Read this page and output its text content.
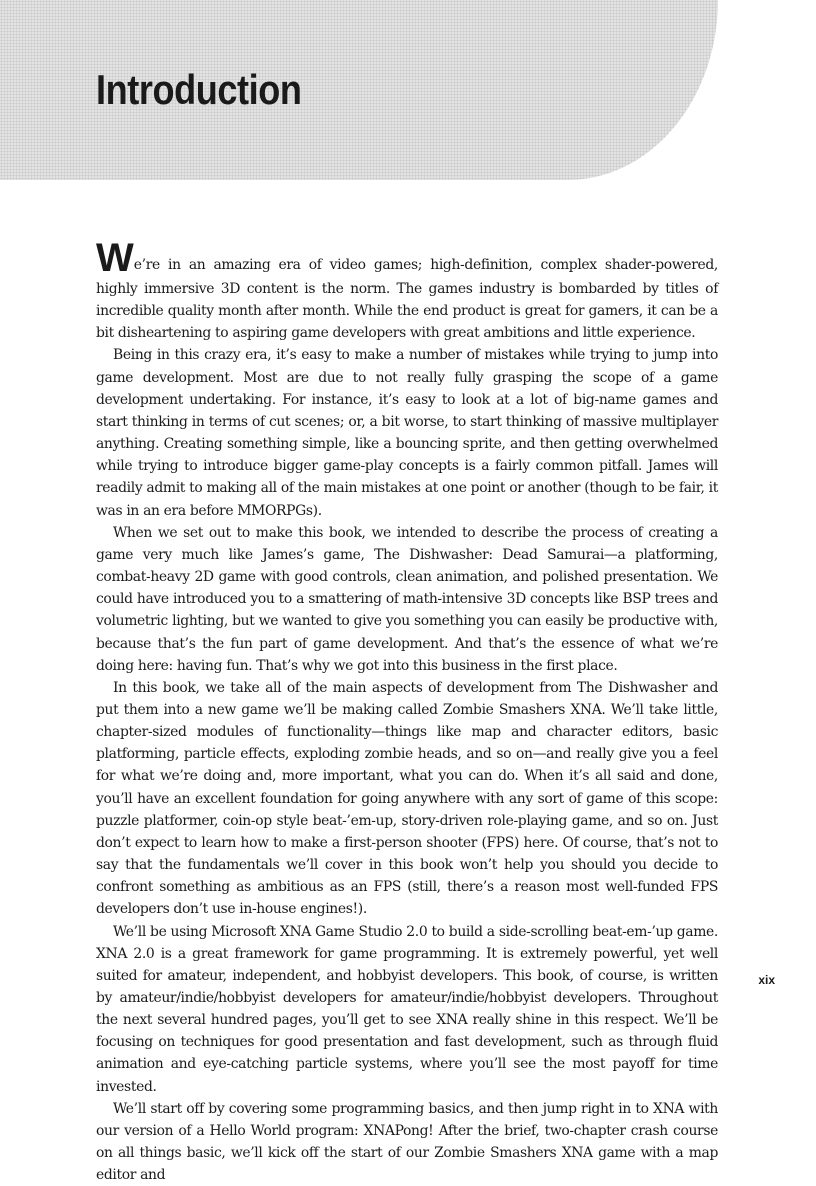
Introduction

We’re in an amazing era of video games; high-definition, complex shader-powered, highly immersive 3D content is the norm. The games industry is bombarded by titles of incredible quality month after month. While the end product is great for gamers, it can be a bit disheartening to aspiring game developers with great ambitions and little experience.

Being in this crazy era, it’s easy to make a number of mistakes while trying to jump into game development. Most are due to not really fully grasping the scope of a game development undertaking. For instance, it’s easy to look at a lot of big-name games and start thinking in terms of cut scenes; or, a bit worse, to start thinking of massive multiplayer anything. Creating something simple, like a bouncing sprite, and then getting overwhelmed while trying to introduce bigger game-play concepts is a fairly common pitfall. James will readily admit to making all of the main mistakes at one point or another (though to be fair, it was in an era before MMORPGs).

When we set out to make this book, we intended to describe the process of creating a game very much like James’s game, The Dishwasher: Dead Samurai—a platforming, combat-heavy 2D game with good controls, clean animation, and polished presentation. We could have introduced you to a smattering of math-intensive 3D concepts like BSP trees and volumetric lighting, but we wanted to give you something you can easily be productive with, because that’s the fun part of game development. And that’s the essence of what we’re doing here: having fun. That’s why we got into this business in the first place.

In this book, we take all of the main aspects of development from The Dishwasher and put them into a new game we’ll be making called Zombie Smashers XNA. We’ll take little, chapter-sized modules of functionality—things like map and character editors, basic platforming, particle effects, exploding zombie heads, and so on—and really give you a feel for what we’re doing and, more important, what you can do. When it’s all said and done, you’ll have an excellent foundation for going anywhere with any sort of game of this scope: puzzle platformer, coin-op style beat-’em-up, story-driven role-playing game, and so on. Just don’t expect to learn how to make a first-person shooter (FPS) here. Of course, that’s not to say that the fundamentals we’ll cover in this book won’t help you should you decide to confront something as ambitious as an FPS (still, there’s a reason most well-funded FPS developers don’t use in-house engines!).

We’ll be using Microsoft XNA Game Studio 2.0 to build a side-scrolling beat-em-’up game. XNA 2.0 is a great framework for game programming. It is extremely powerful, yet well suited for amateur, independent, and hobbyist developers. This book, of course, is written by amateur/indie/hobbyist developers for amateur/indie/hobbyist developers. Throughout the next several hundred pages, you’ll get to see XNA really shine in this respect. We’ll be focusing on techniques for good presentation and fast development, such as through fluid animation and eye-catching particle systems, where you’ll see the most payoff for time invested.

We’ll start off by covering some programming basics, and then jump right in to XNA with our version of a Hello World program: XNAPong! After the brief, two-chapter crash course on all things basic, we’ll kick off the start of our Zombie Smashers XNA game with a map editor and

xix
